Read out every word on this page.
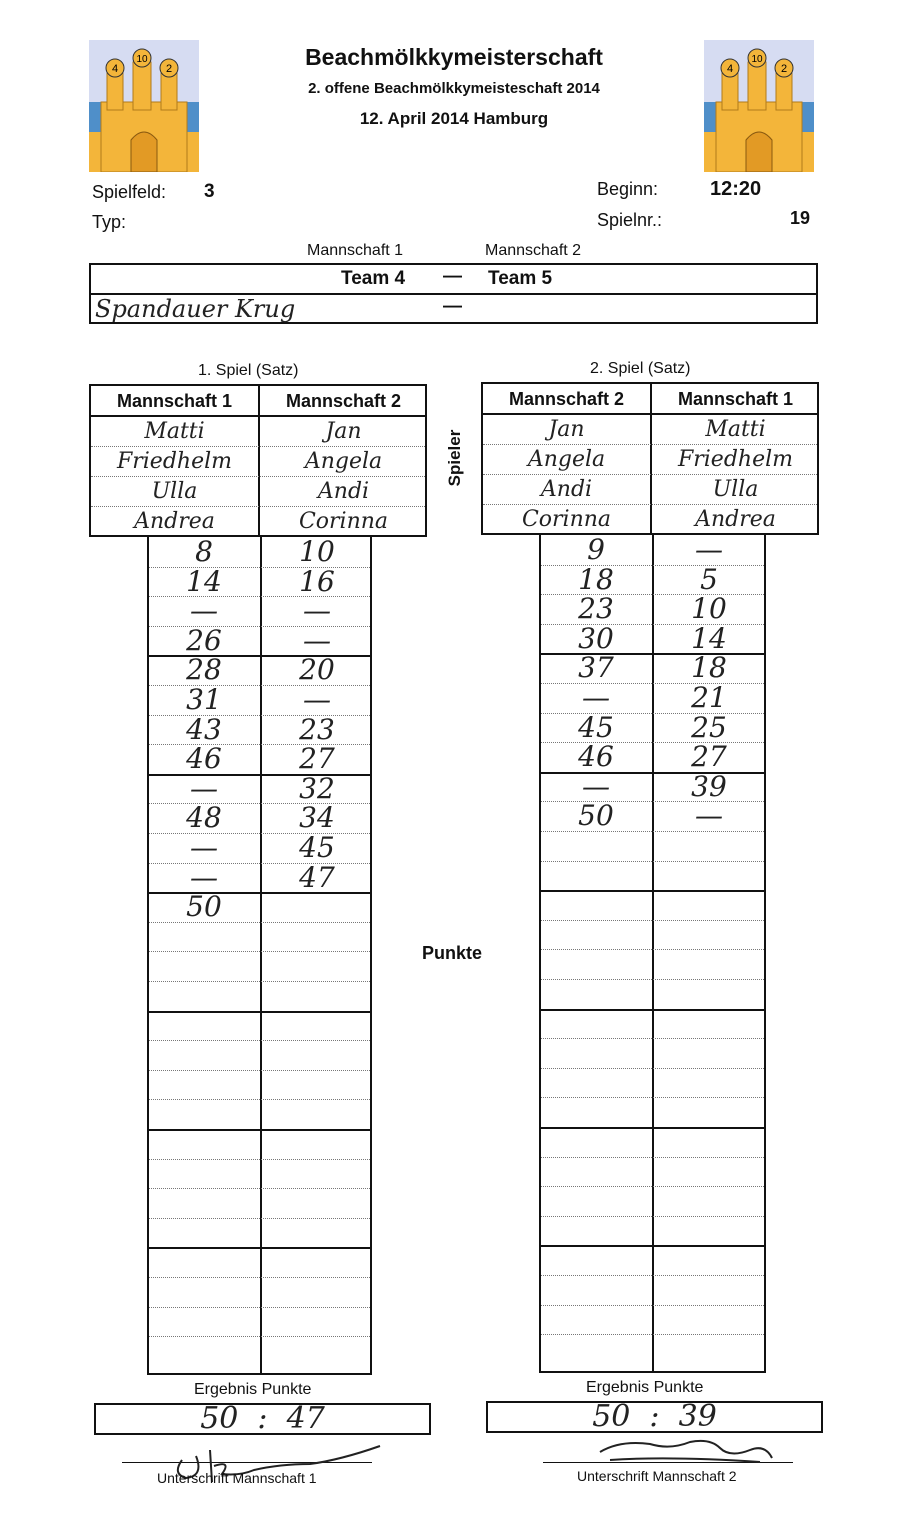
4
10
2	4
10
2
Beachmölkkymeisterschaft
2. offene Beachmölkkymeisteschaft 2014
12. April 2014 Hamburg
Spielfeld: 3
Typ:
Beginn:	12:20
Spielnr.:	19
Mannschaft 1	Mannschaft 2
Team 4 — Team 5
Spandauer Krug	—
1. Spiel (Satz)
Mannschaft 1	Mannschaft 2
Matti	Jan
Friedhelm	Angela
Ulla	Andi
Andrea	Corinna
8	10
14	16
—	—
26	—
28	20
31	—
43	23
46	27
—	32
48	34
—	45
—	47
50
2. Spiel (Satz)
Mannschaft 2	Mannschaft 1
Jan	Matti
Angela	Friedhelm
Andi	Ulla
Corinna	Andrea
9	—
18	5
23	10
30	14
37	18
—	21
45	25
46	27
—	39
50	—
Spieler
Punkte
Ergebnis Punkte
50  :  47
Unterschrift Mannschaft 1
Ergebnis Punkte
50  :  39
Unterschrift Mannschaft 2
